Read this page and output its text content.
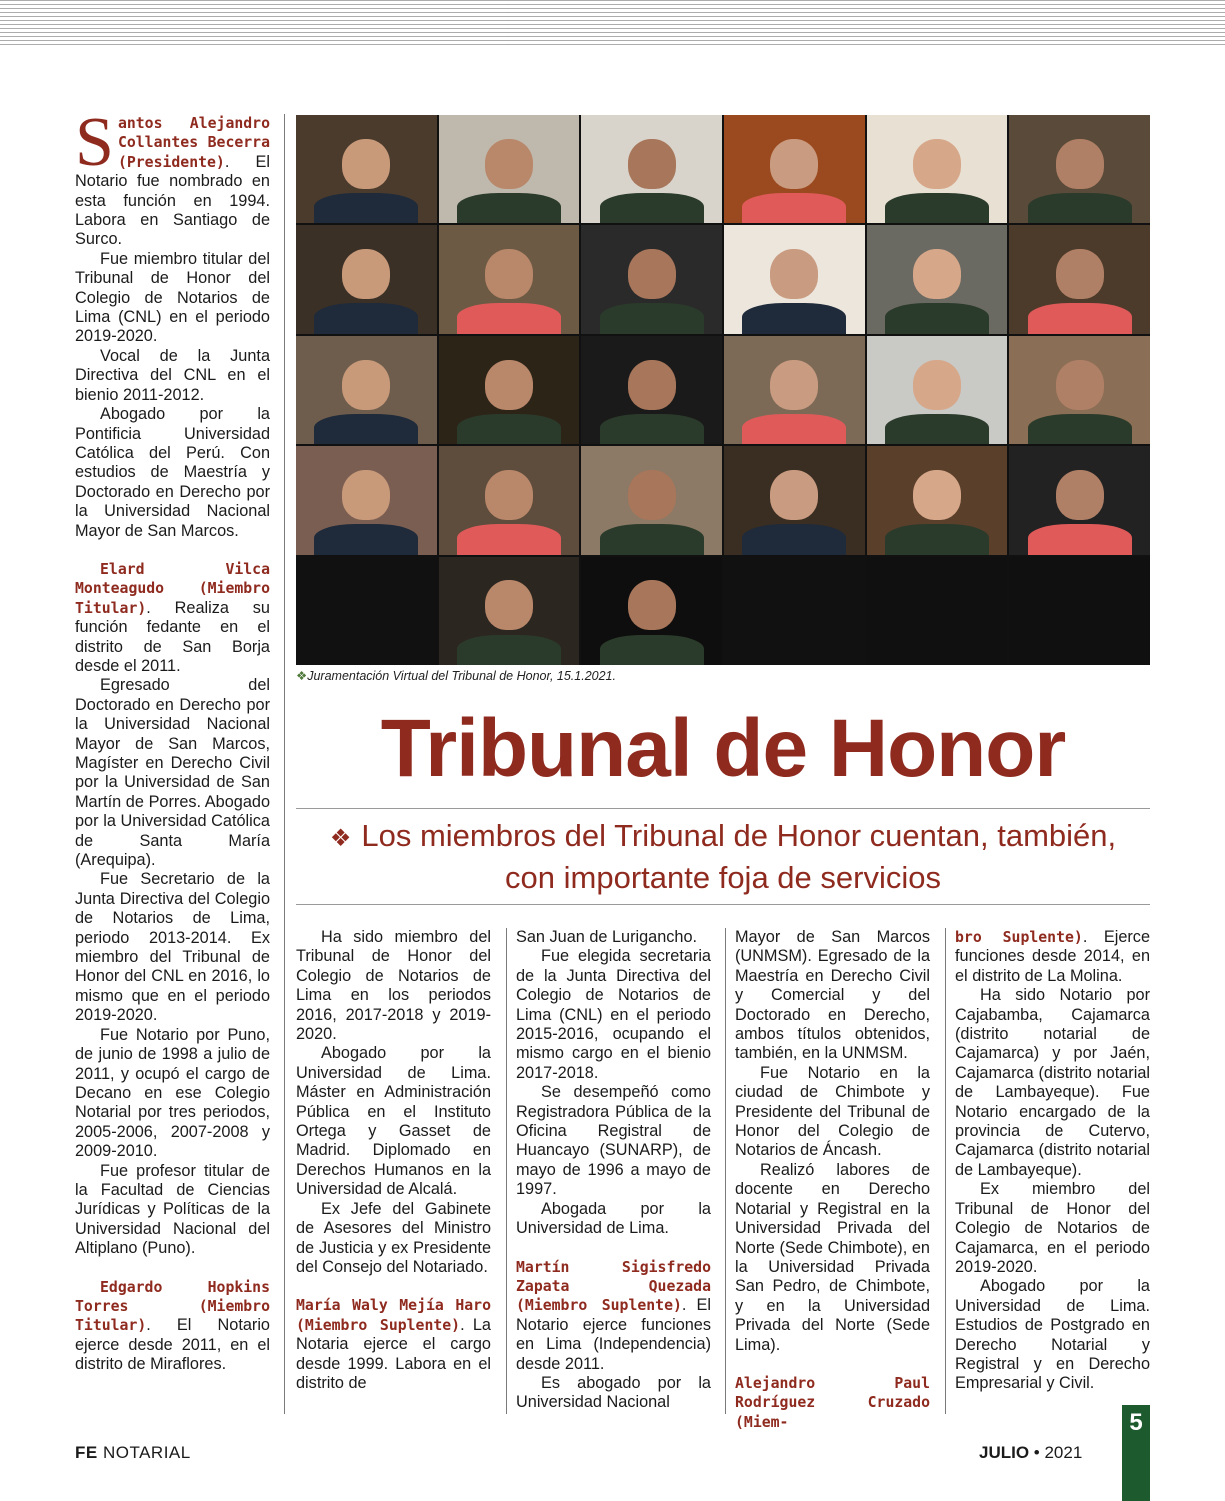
Santos Alejandro Collantes Becerra (Presidente). El Notario fue nombrado en esta función en 1994. Labora en Santiago de Surco.

Fue miembro titular del Tribunal de Honor del Colegio de Notarios de Lima (CNL) en el periodo 2019-2020.

Vocal de la Junta Directiva del CNL en el bienio 2011-2012.

Abogado por la Pontificia Universidad Católica del Perú. Con estudios de Maestría y Doctorado en Derecho por la Universidad Nacional Mayor de San Marcos.

Elard Vilca Monteagudo (Miembro Titular). Realiza su función fedante en el distrito de San Borja desde el 2011.

Egresado del Doctorado en Derecho por la Universidad Nacional Mayor de San Marcos, Magíster en Derecho Civil por la Universidad de San Martín de Porres. Abogado por la Universidad Católica de Santa María (Arequipa).

Fue Secretario de la Junta Directiva del Colegio de Notarios de Lima, periodo 2013-2014. Ex miembro del Tribunal de Honor del CNL en 2016, lo mismo que en el periodo 2019-2020.

Fue Notario por Puno, de junio de 1998 a julio de 2011, y ocupó el cargo de Decano en ese Colegio Notarial por tres periodos, 2005-2006, 2007-2008 y 2009-2010.

Fue profesor titular de la Facultad de Ciencias Jurídicas y Políticas de la Universidad Nacional del Altiplano (Puno).

Edgardo Hopkins Torres (Miembro Titular). El Notario ejerce desde 2011, en el distrito de Miraflores.

❖Juramentación Virtual del Tribunal de Honor, 15.1.2021.
Tribunal de Honor
❖ Los miembros del Tribunal de Honor cuentan, también,
con importante foja de servicios

Ha sido miembro del Tribunal de Honor del Colegio de Notarios de Lima en los periodos 2016, 2017-2018 y 2019-2020.

Abogado por la Universidad de Lima. Máster en Administración Pública en el Instituto Ortega y Gasset de Madrid. Diplomado en Derechos Humanos en la Universidad de Alcalá.

Ex Jefe del Gabinete de Asesores del Ministro de Justicia y ex Presidente del Consejo del Notariado.

María Waly Mejía Haro (Miembro Suplente). La Notaria ejerce el cargo desde 1999. Labora en el distrito de

San Juan de Lurigancho.

Fue elegida secretaria de la Junta Directiva del Colegio de Notarios de Lima (CNL) en el periodo 2015-2016, ocupando el mismo cargo en el bienio 2017-2018.

Se desempeñó como Registradora Pública de la Oficina Registral de Huancayo (SUNARP), de mayo de 1996 a mayo de 1997.

Abogada por la Universidad de Lima.

Martín Sigisfredo Zapata Quezada (Miembro Suplente). El Notario ejerce funciones en Lima (Independencia) desde 2011.

Es abogado por la Universidad Nacional

Mayor de San Marcos (UNMSM). Egresado de la Maestría en Derecho Civil y Comercial y del Doctorado en Derecho, ambos títulos obtenidos, también, en la UNMSM.

Fue Notario en la ciudad de Chimbote y Presidente del Tribunal de Honor del Colegio de Notarios de Áncash.

Realizó labores de docente en Derecho Notarial y Registral en la Universidad Privada del Norte (Sede Chimbote), en la Universidad Privada San Pedro, de Chimbote, y en la Universidad Privada del Norte (Sede Lima).

Alejandro Paul Rodríguez Cruzado (Miem-

bro Suplente). Ejerce funciones desde 2014, en el distrito de La Molina.

Ha sido Notario por Cajabamba, Cajamarca (distrito notarial de Cajamarca) y por Jaén, Cajamarca (distrito notarial de Lambayeque). Fue Notario encargado de la provincia de Cutervo, Cajamarca (distrito notarial de Lambayeque).

Ex miembro del Tribunal de Honor del Colegio de Notarios de Cajamarca, en el periodo 2019-2020.

Abogado por la Universidad de Lima. Estudios de Postgrado en Derecho Notarial y Registral y en Derecho Empresarial y Civil.

FE NOTARIAL	JULIO • 2021
5
